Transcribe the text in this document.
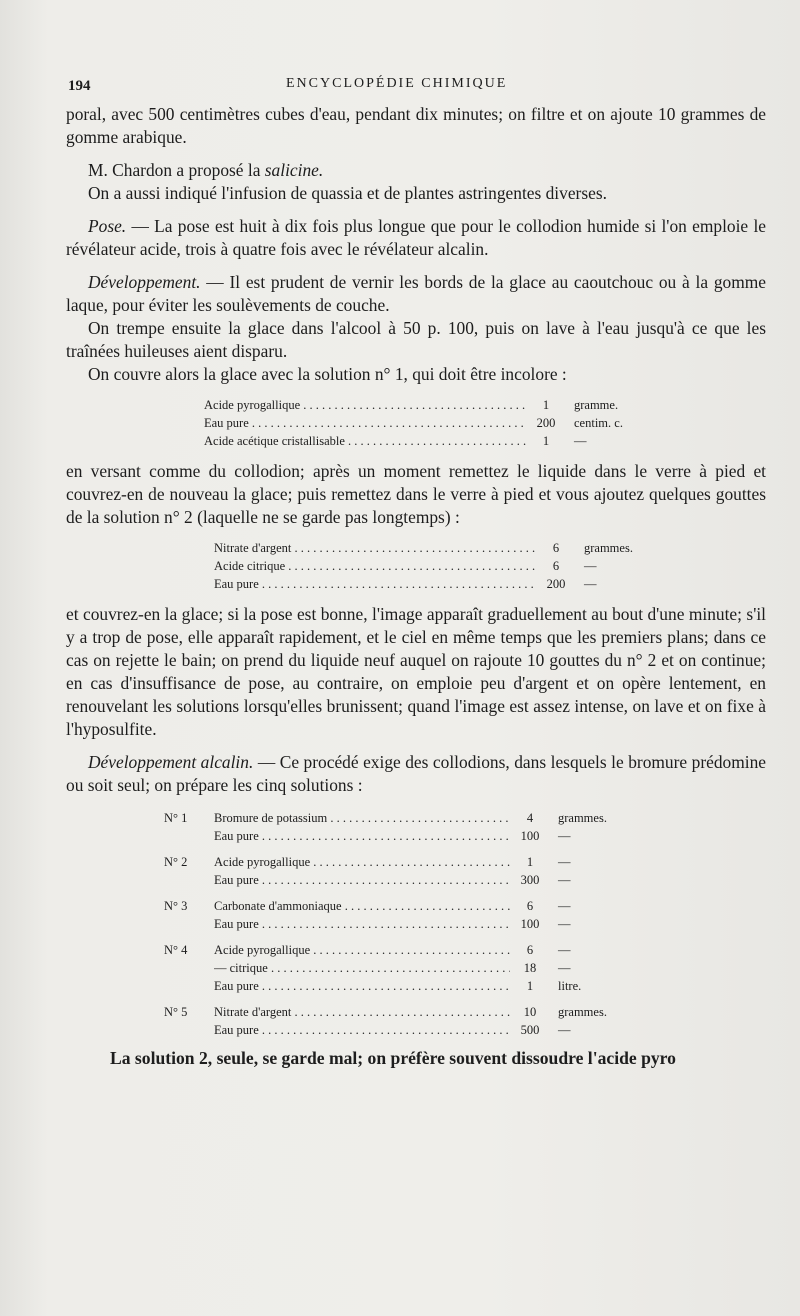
194	ENCYCLOPÉDIE CHIMIQUE

poral, avec 500 centimètres cubes d'eau, pendant dix minutes; on filtre et on ajoute 10 grammes de gomme arabique.

M. Chardon a proposé la salicine.

On a aussi indiqué l'infusion de quassia et de plantes astringentes diverses.

Pose. — La pose est huit à dix fois plus longue que pour le collodion humide si l'on emploie le révélateur acide, trois à quatre fois avec le révélateur alcalin.

Développement. — Il est prudent de vernir les bords de la glace au caoutchouc ou à la gomme laque, pour éviter les soulèvements de couche.

On trempe ensuite la glace dans l'alcool à 50 p. 100, puis on lave à l'eau jusqu'à ce que les traînées huileuses aient disparu.

On couvre alors la glace avec la solution n° 1, qui doit être incolore :

Acide pyrogallique . . .	1	gramme.
Eau pure . . .	200	centim. c.
Acide acétique cristallisable . . .	1	—

en versant comme du collodion; après un moment remettez le liquide dans le verre à pied et couvrez-en de nouveau la glace; puis remettez dans le verre à pied et vous ajoutez quelques gouttes de la solution n° 2 (laquelle ne se garde pas longtemps) :

Nitrate d'argent . . .	6	grammes.
Acide citrique . . .	6	—
Eau pure . . .	200	—

et couvrez-en la glace; si la pose est bonne, l'image apparaît graduellement au bout d'une minute; s'il y a trop de pose, elle apparaît rapidement, et le ciel en même temps que les premiers plans; dans ce cas on rejette le bain; on prend du liquide neuf auquel on rajoute 10 gouttes du n° 2 et on continue; en cas d'insuffisance de pose, au contraire, on emploie peu d'argent et on opère lentement, en renouvelant les solutions lorsqu'elles brunissent; quand l'image est assez intense, on lave et on fixe à l'hyposulfite.

Développement alcalin. — Ce procédé exige des collodions, dans lesquels le bromure prédomine ou soit seul; on prépare les cinq solutions :

N° 1	Bromure de potassium . . .	4	grammes.
Eau pure . . .	100	—
N° 2	Acide pyrogallique . . .	1	—
Eau pure . . .	300	—
N° 3	Carbonate d'ammoniaque . . .	6	—
Eau pure . . .	100	—
N° 4	Acide pyrogallique . . .	6	—
— citrique . . .	18	—
Eau pure . . .	1	litre.
N° 5	Nitrate d'argent . . .	10	grammes.
Eau pure . . .	500	—

La solution 2, seule, se garde mal; on préfère souvent dissoudre l'acide pyro
